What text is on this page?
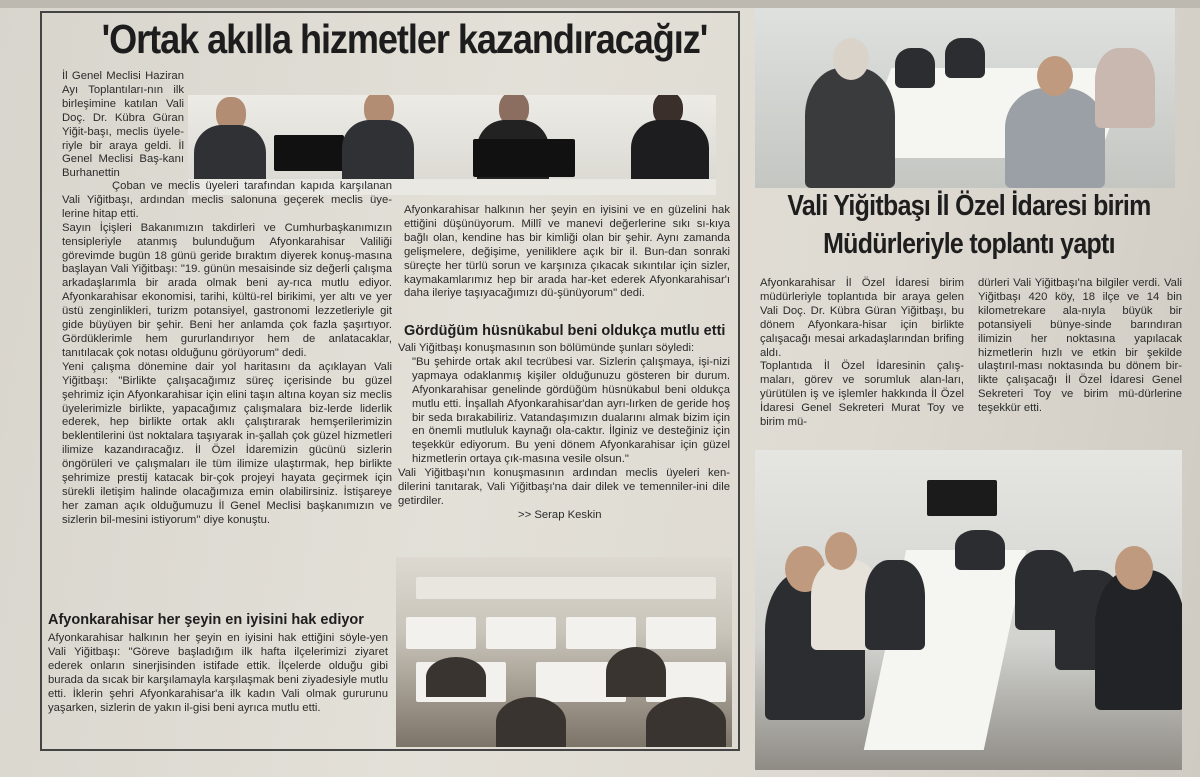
'Ortak akılla hizmetler kazandıracağız'

İl Genel Meclisi Haziran Ayı Toplantıları-nın ilk birleşimine katılan Vali Doç. Dr. Kübra Güran Yiğit-başı, meclis üyele-riyle bir araya geldi. İl Genel Meclisi Baş-kanı Burhanettin

Çoban ve meclis üyeleri tarafından kapıda karşılanan Vali Yiğitbaşı, ardından meclis salonuna geçerek meclis üye-lerine hitap etti.

Sayın İçişleri Bakanımızın takdirleri ve Cumhurbaşkanımızın tensipleriyle atanmış bulunduğum Afyonkarahisar Valiliği görevimde bugün 18 günü geride bıraktım diyerek konuş-masına başlayan Vali Yiğitbaşı: "19. günün mesaisinde siz değerli çalışma arkadaşlarımla bir arada olmak beni ay-rıca mutlu ediyor. Afyonkarahisar ekonomisi, tarihi, kültü-rel birikimi, yer altı ve yer üstü zenginlikleri, turizm potansiyel, gastronomi lezzetleriyle git gide büyüyen bir şehir. Beni her anlamda çok fazla şaşırtıyor. Gördüklerimle hem gururlandırıyor hem de anlatacaklar, tanıtılacak çok notası olduğunu görüyorum" dedi.

Yeni çalışma dönemine dair yol haritasını da açıklayan Vali Yiğitbaşı: "Birlikte çalışacağımız süreç içerisinde bu güzel şehrimiz için Afyonkarahisar için elini taşın altına koyan siz meclis üyelerimizle birlikte, yapacağımız çalışmalara biz-lerde liderlik ederek, hep birlikte ortak aklı çalıştırarak hemşerilerimizin beklentilerini üst noktalara taşıyarak in-şallah çok güzel hizmetleri ilimize kazandıracağız. İl Özel İdaremizin gücünü sizlerin öngörüleri ve çalışmaları ile tüm ilimize ulaştırmak, hep birlikte şehrimize prestij katacak bir-çok projeyi hayata geçirmek için sürekli iletişim halinde olacağımıza emin olabilirsiniz. İstişareye her zaman açık olduğumuzu İl Genel Meclisi başkanımızın ve sizlerin bil-mesini istiyorum" diye konuştu.

Afyonkarahisar her şeyin en iyisini hak ediyor

Afyonkarahisar halkının her şeyin en iyisini hak ettiğini söyle-yen Vali Yiğitbaşı: "Göreve başladığım ilk hafta ilçelerimizi ziyaret ederek onların sinerjisinden istifade ettik. İlçelerde olduğu gibi burada da sıcak bir karşılamayla karşılaşmak beni ziyadesiyle mutlu etti. İklerin şehri Afyonkarahisar'a ilk kadın Vali olmak gururunu yaşarken, sizlerin de yakın il-gisi beni ayrıca mutlu etti.

Afyonkarahisar halkının her şeyin en iyisini ve en güzelini hak ettiğini düşünüyorum. Millî ve manevi değerlerine sıkı sı-kıya bağlı olan, kendine has bir kimliği olan bir şehir. Aynı zamanda gelişmelere, değişime, yeniliklere açık bir il. Bun-dan sonraki süreçte her türlü sorun ve karşınıza çıkacak sıkıntılar için sizler, kaymakamlarımız hep bir arada har-ket ederek Afyonkarahisar'ı daha ileriye taşıyacağımızı dü-şünüyorum" dedi.

Gördüğüm hüsnükabul beni oldukça mutlu etti

Vali Yiğitbaşı konuşmasının son bölümünde şunları söyledi:

"Bu şehirde ortak akıl tecrübesi var. Sizlerin çalışmaya, işi-nizi yapmaya odaklanmış kişiler olduğunuzu gösteren bir durum. Afyonkarahisar genelinde gördüğüm hüsnükabul beni oldukça mutlu etti. İnşallah Afyonkarahisar'dan ayrı-lırken de geride hoş bir seda bırakabiliriz. Vatandaşımızın dualarını almak bizim için en önemli mutluluk kaynağı ola-caktır. İlginiz ve desteğiniz için teşekkür ediyorum. Bu yeni dönem Afyonkarahisar için güzel hizmetlerin ortaya çık-masına vesile olsun."

Vali Yiğitbaşı'nın konuşmasının ardından meclis üyeleri ken-dilerini tanıtarak, Vali Yiğitbaşı'na dair dilek ve temenniler-ini dile getirdiler.

>> Serap Keskin

Vali Yiğitbaşı İl Özel İdaresi birim
Müdürleriyle toplantı yaptı

Afyonkarahisar İl Özel İdaresi birim müdürleriyle toplantıda bir araya gelen Vali Doç. Dr. Kübra Güran Yiğitbaşı, bu dönem Afyonkara-hisar için birlikte çalışacağı mesai arkadaşlarından brifing aldı.

Toplantıda İl Özel İdaresinin çalış-maları, görev ve sorumluk alan-ları, yürütülen iş ve işlemler hakkında İl Özel İdaresi Genel Sekreteri Murat Toy ve birim mü-

dürleri Vali Yiğitbaşı'na bilgiler verdi. Vali Yiğitbaşı 420 köy, 18 ilçe ve 14 bin kilometrekare ala-nıyla büyük bir potansiyeli bünye-sinde barındıran ilimizin her noktasına yapılacak hizmetlerin hızlı ve etkin bir şekilde ulaştırıl-ması noktasında bu dönem bir-likte çalışacağı İl Özel İdaresi Genel Sekreteri Toy ve birim mü-dürlerine teşekkür etti.
